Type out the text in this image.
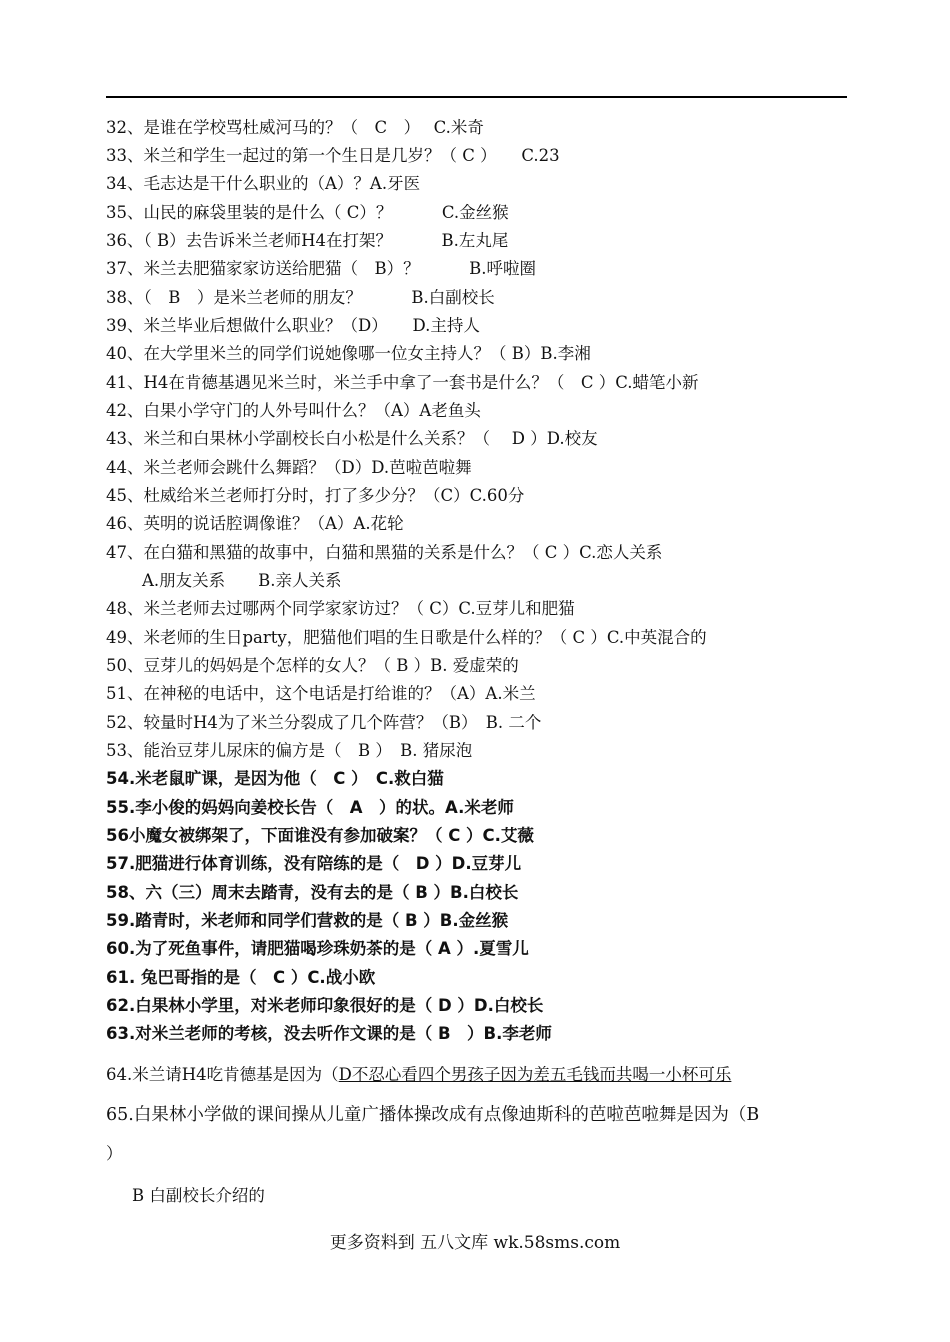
32、是谁在学校骂杜威河马的？（　C　）　 C.米奇
33、米兰和学生一起过的第一个生日是几岁？（ C ）　　C.23
34、毛志达是干什么职业的（A）？A.牙医
35、山民的麻袋里装的是什么（ C）？　　　C.金丝猴
36、（ B）去告诉米兰老师H4在打架？　　　B.左丸尾
37、米兰去肥猫家家访送给肥猫（　B）？　　　B.呼啦圈
38、（　B　）是米兰老师的朋友？　　　B.白副校长
39、米兰毕业后想做什么职业？（D）　　D.主持人
40、在大学里米兰的同学们说她像哪一位女主持人？（ B）B.李湘
41、H4在肯德基遇见米兰时，米兰手中拿了一套书是什么？（　C ）C.蜡笔小新
42、白果小学守门的人外号叫什么？（A）A老鱼头
43、米兰和白果林小学副校长白小松是什么关系？（　 D ）D.校友
44、米兰老师会跳什么舞蹈？（D）D.芭啦芭啦舞
45、杜威给米兰老师打分时，打了多少分？（C）C.60分
46、英明的说话腔调像谁？（A）A.花轮
47、在白猫和黑猫的故事中，白猫和黑猫的关系是什么？（ C ）C.恋人关系
A.朋友关系　　B.亲人关系
48、米兰老师去过哪两个同学家家访过？（ C）C.豆芽儿和肥猫
49、米老师的生日party，肥猫他们唱的生日歌是什么样的？（ C ）C.中英混合的
50、豆芽儿的妈妈是个怎样的女人？（ B ）B. 爱虚荣的
51、在神秘的电话中，这个电话是打给谁的？（A）A.米兰
52、较量时H4为了米兰分裂成了几个阵营？（B）　B. 二个
53、能治豆芽儿尿床的偏方是（　B ）　B. 猪尿泡
54.米老鼠旷课，是因为他（　C ）　C.救白猫
55.李小俊的妈妈向姜校长告（　A　）的状。A.米老师
56小魔女被绑架了，下面谁没有参加破案？（ C ）C.艾薇
57.肥猫进行体育训练，没有陪练的是（　D ）D.豆芽儿
58、六（三）周末去踏青，没有去的是（ B ）B.白校长
59.踏青时，米老师和同学们营救的是（ B ）B.金丝猴
60.为了死鱼事件，请肥猫喝珍珠奶茶的是（ A ）.夏雪儿
61. 兔巴哥指的是（　C ）C.战小欧
62.白果林小学里，对米老师印象很好的是（ D ）D.白校长
63.对米兰老师的考核，没去听作文课的是（ B　）B.李老师
64.米兰请H4吃肯德基是因为（D不忍心看四个男孩子因为差五毛钱而共喝一小杯可乐
65.白果林小学做的课间操从儿童广播体操改成有点像迪斯科的芭啦芭啦舞是因为（B
）
B 白副校长介绍的
更多资料到 五八文库 wk.58sms.com
